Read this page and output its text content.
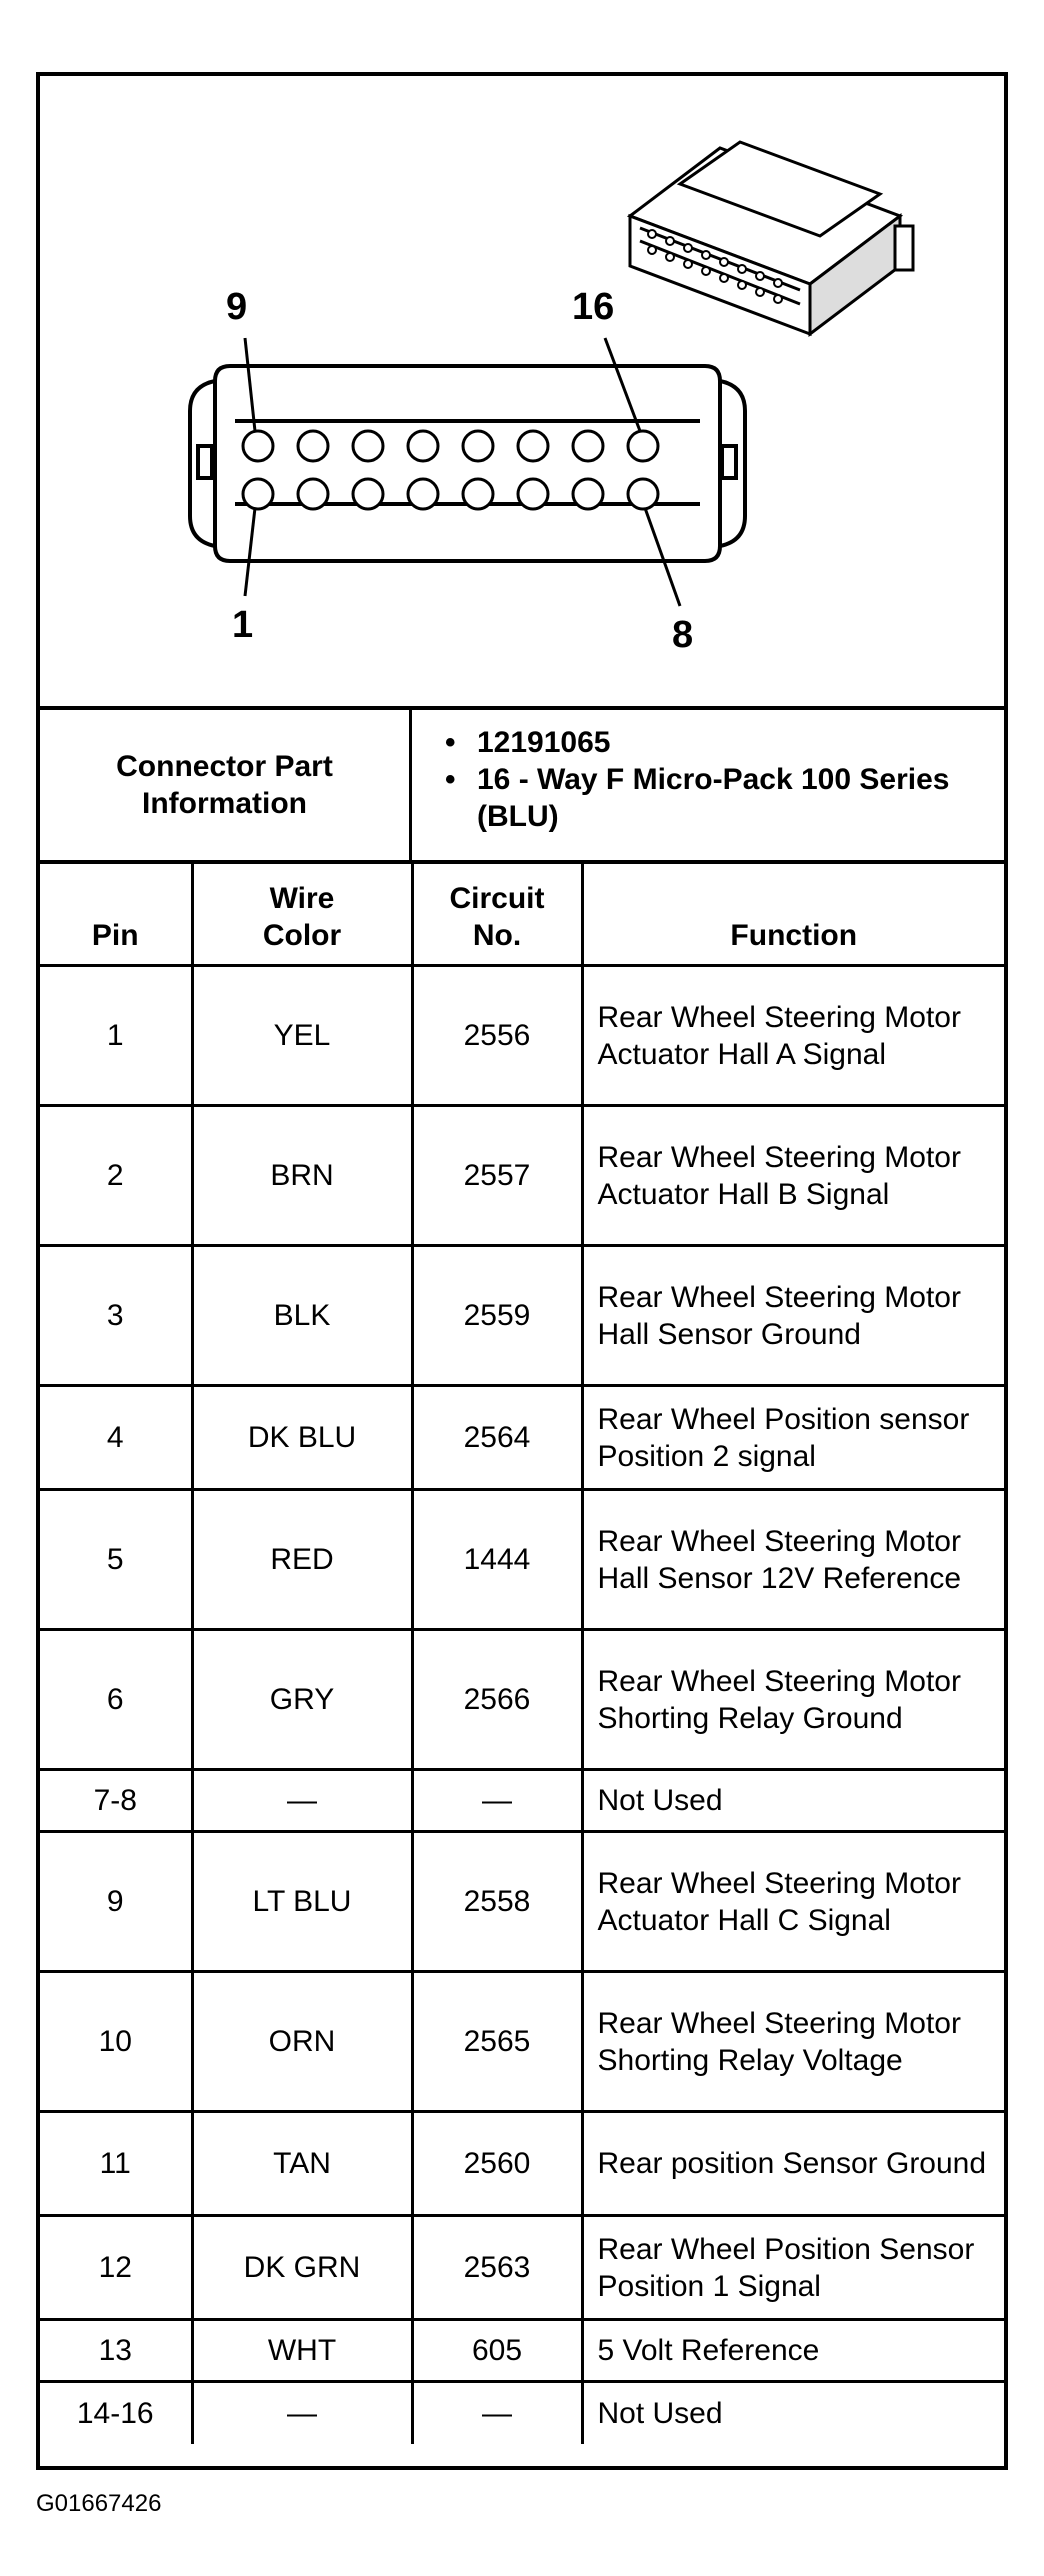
9	16
1	8
Connector Part Information
• 12191065
• 16 - Way F Micro-Pack 100 Series (BLU)
Pin	Wire Color	Circuit No.	Function
1	YEL	2556	Rear Wheel Steering Motor Actuator Hall A Signal
2	BRN	2557	Rear Wheel Steering Motor Actuator Hall B Signal
3	BLK	2559	Rear Wheel Steering Motor Hall Sensor Ground
4	DK BLU	2564	Rear Wheel Position sensor Position 2 signal
5	RED	1444	Rear Wheel Steering Motor Hall Sensor 12V Reference
6	GRY	2566	Rear Wheel Steering Motor Shorting Relay Ground
7-8	—	—	Not Used
9	LT BLU	2558	Rear Wheel Steering Motor Actuator Hall C Signal
10	ORN	2565	Rear Wheel Steering Motor Shorting Relay Voltage
11	TAN	2560	Rear position Sensor Ground
12	DK GRN	2563	Rear Wheel Position Sensor Position 1 Signal
13	WHT	605	5 Volt Reference
14-16	—	—	Not Used
G01667426
